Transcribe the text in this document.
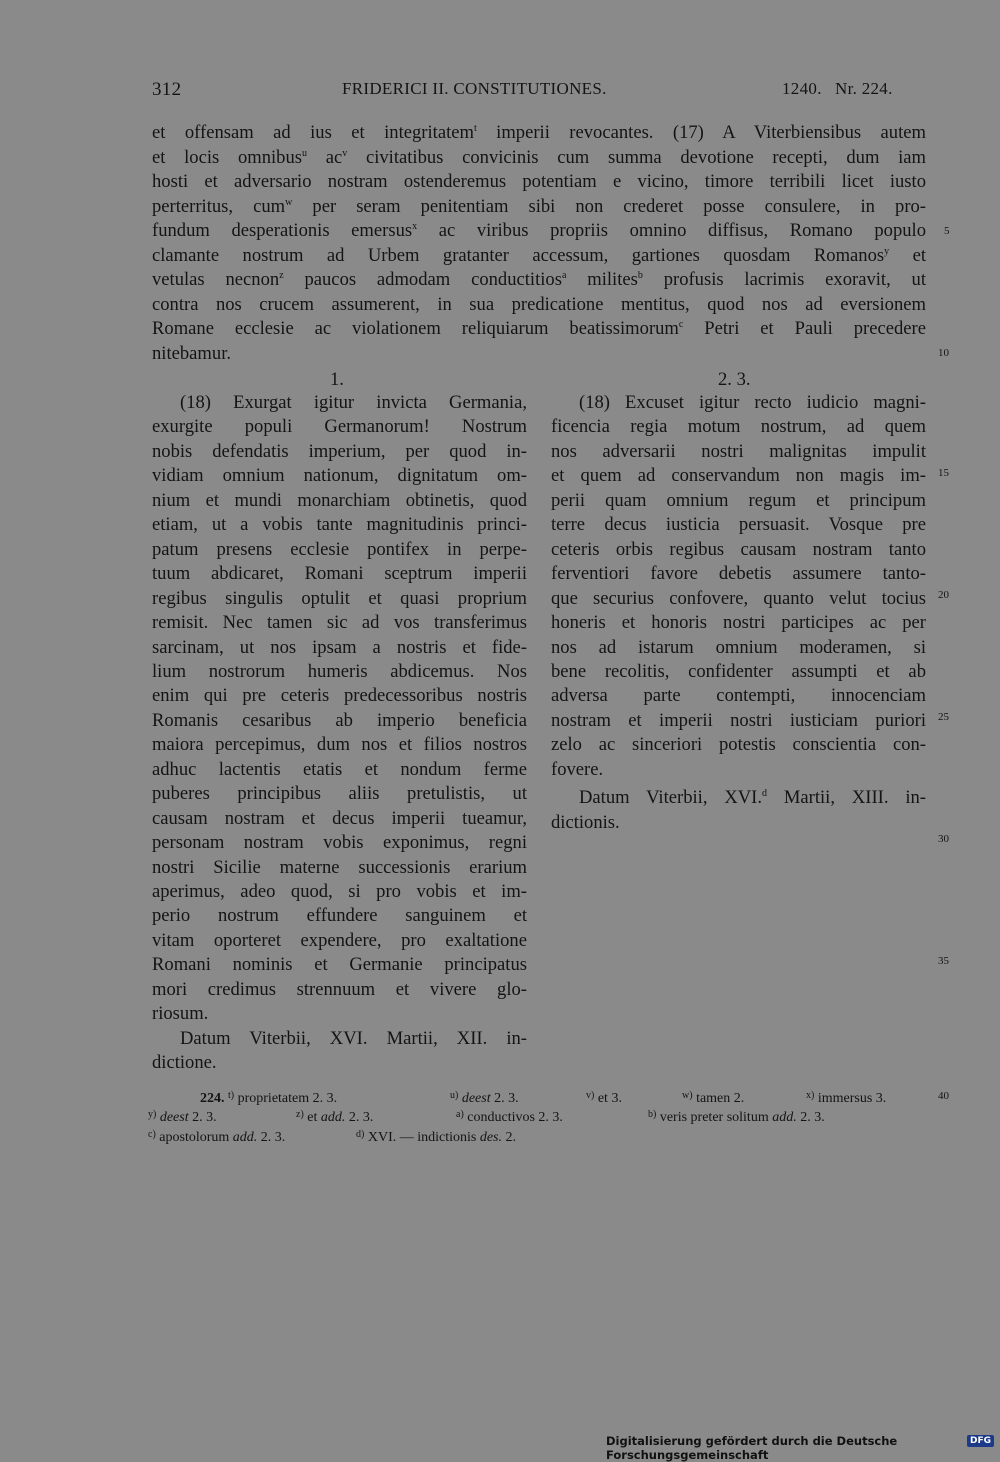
312	FRIDERICI II. CONSTITUTIONES.	1240. Nr. 224.
et offensam ad ius et integritatem$^t$ imperii revocantes. (17) A Viterbiensibus autem
et locis omnibus$^u$ $ac^v$ civitatibus convicinis cum summa devotione recepti, dum iam
hosti et adversario nostram ostenderemus potentiam e vicino, timore terribili licet iusto
perterritus, cum$^w$ per seram penitentiam sibi non crederet posse consulere, in pro-
fundum desperationis emersus$^x$ ac viribus propriis omnino diffisus, Romano populo
clamante nostrum ad Urbem gratanter accessum, gartiones quosdam Romanos$^y$ et
vetulas necnon$^z$ paucos admodam conductitios$^a$ milites$^b$ profusis lacrimis exoravit, ut
contra nos crucem assumerent, in sua predicatione mentitus, quod nos ad eversionem
Romane ecclesie ac violationem reliquiarum beatissimorum$^c$ Petri et Pauli precedere
nitebamur.
1.	2. 3.
(18) Exurgat igitur invicta Germania,
exurgite populi Germanorum! Nostrum
nobis defendatis imperium, per quod in-
vidiam omnium nationum, dignitatum om-
nium et mundi monarchiam obtinetis, quod
etiam, ut a vobis tante magnitudinis princi-
patum presens ecclesie pontifex in perpe-
tuum abdicaret, Romani sceptrum imperii
regibus singulis optulit et quasi proprium
remisit. Nec tamen sic ad vos transferimus
sarcinam, ut nos ipsam a nostris et fide-
lium nostrorum humeris abdicemus. Nos
enim qui pre ceteris predecessoribus nostris
Romanis cesaribus ab imperio beneficia
maiora percepimus, dum nos et filios nostros
adhuc lactentis etatis et nondum ferme
puberes principibus aliis pretulistis, ut
causam nostram et decus imperii tueamur,
personam nostram vobis exponimus, regni
nostri Sicilie materne successionis erarium
aperimus, adeo quod, si pro vobis et im-
perio nostrum effundere sanguinem et
vitam oporteret expendere, pro exaltatione
Romani nominis et Germanie principatus
mori credimus strennuum et vivere glo-
riosum.
Datum Viterbii, XVI. Martii, XII. in-
dictione.
(18) Excuset igitur recto iudicio magni-
ficencia regia motum nostrum, ad quem
nos adversarii nostri malignitas impulit
et quem ad conservandum non magis im-
perii quam omnium regum et principum
terre decus iusticia persuasit. Vosque pre
ceteris orbis regibus causam nostram tanto
ferventiori favore debetis assumere tanto-
que securius confovere, quanto velut tocius
honeris et honoris nostri participes ac per
nos ad istarum omnium moderamen, si
bene recolitis, confidenter assumpti et ab
adversa parte contempti, innocenciam
nostram et imperii nostri iusticiam puriori
zelo ac sinceriori potestis conscientia con-
fovere.
Datum Viterbii, XVI.$^d$ Martii, XIII. in-
dictionis.
5
10
15
20
25
30
35
40
224. $^{t)}$ proprietatem 2. 3.	$^{u)}$ deest 2. 3.	$^{v)}$ et 3.	$^{w)}$ tamen 2.	$^{x)}$ immersus 3.
$^{y)}$ deest 2. 3.	$^{z)}$ et add. 2. 3.	$^{a)}$ conductivos 2. 3.	$^{b)}$ veris preter solitum add. 2. 3.
$^{c)}$ apostolorum add. 2. 3.	$^{d)}$ XVI. — indictionis des. 2.
Digitalisierung gefördert durch die Deutsche Forschungsgemeinschaft
DFG
